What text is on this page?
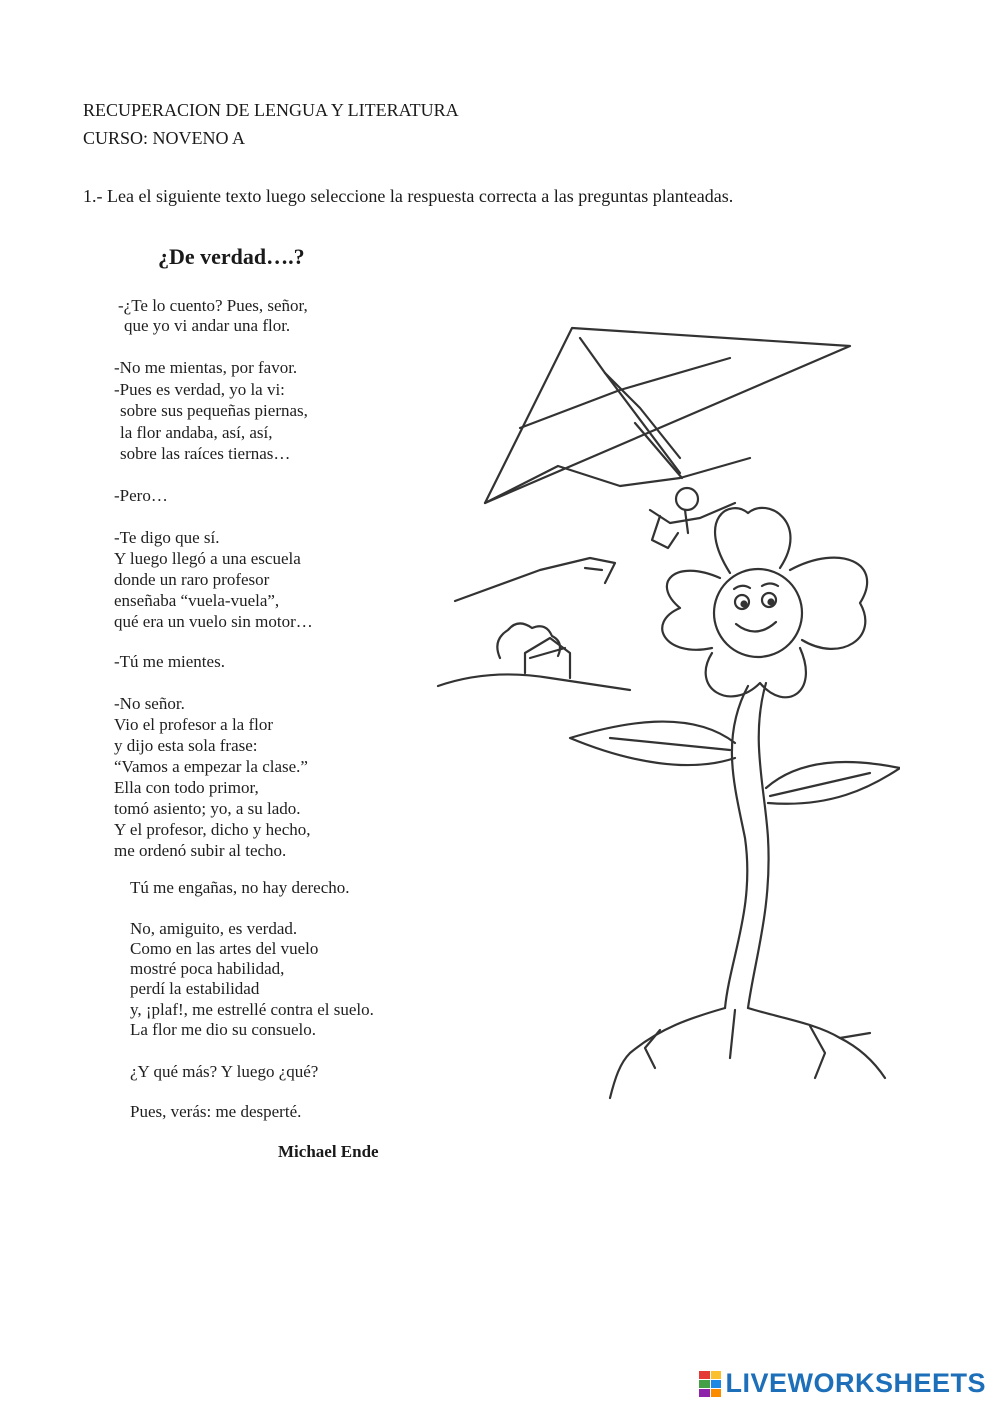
RECUPERACION DE LENGUA Y LITERATURA
CURSO: NOVENO A
1.- Lea el siguiente texto luego seleccione la respuesta correcta a las preguntas planteadas.
¿De verdad….?
-¿Te lo cuento? Pues, señor,
que yo vi andar una flor.
-No me mientas, por favor.
-Pues es verdad, yo la vi:
sobre sus pequeñas piernas,
la flor andaba, así, así,
sobre las raíces tiernas…
-Pero…
-Te digo que sí.
Y luego llegó a una escuela
donde un raro profesor
enseñaba “vuela-vuela”,
qué era un vuelo sin motor…
-Tú me mientes.
-No señor.
Vio el profesor a la flor
y dijo esta sola frase:
“Vamos a empezar la clase.”
Ella con todo primor,
tomó asiento; yo, a su lado.
Y el profesor, dicho y hecho,
me ordenó subir al techo.
Tú me engañas, no hay derecho.
No, amiguito, es verdad.
Como en las artes del vuelo
mostré poca habilidad,
perdí la estabilidad
y, ¡plaf!, me estrellé contra el suelo.
La flor me dio su consuelo.
¿Y qué más? Y luego ¿qué?
Pues, verás: me desperté.
Michael Ende
LIVEWORKSHEETS
